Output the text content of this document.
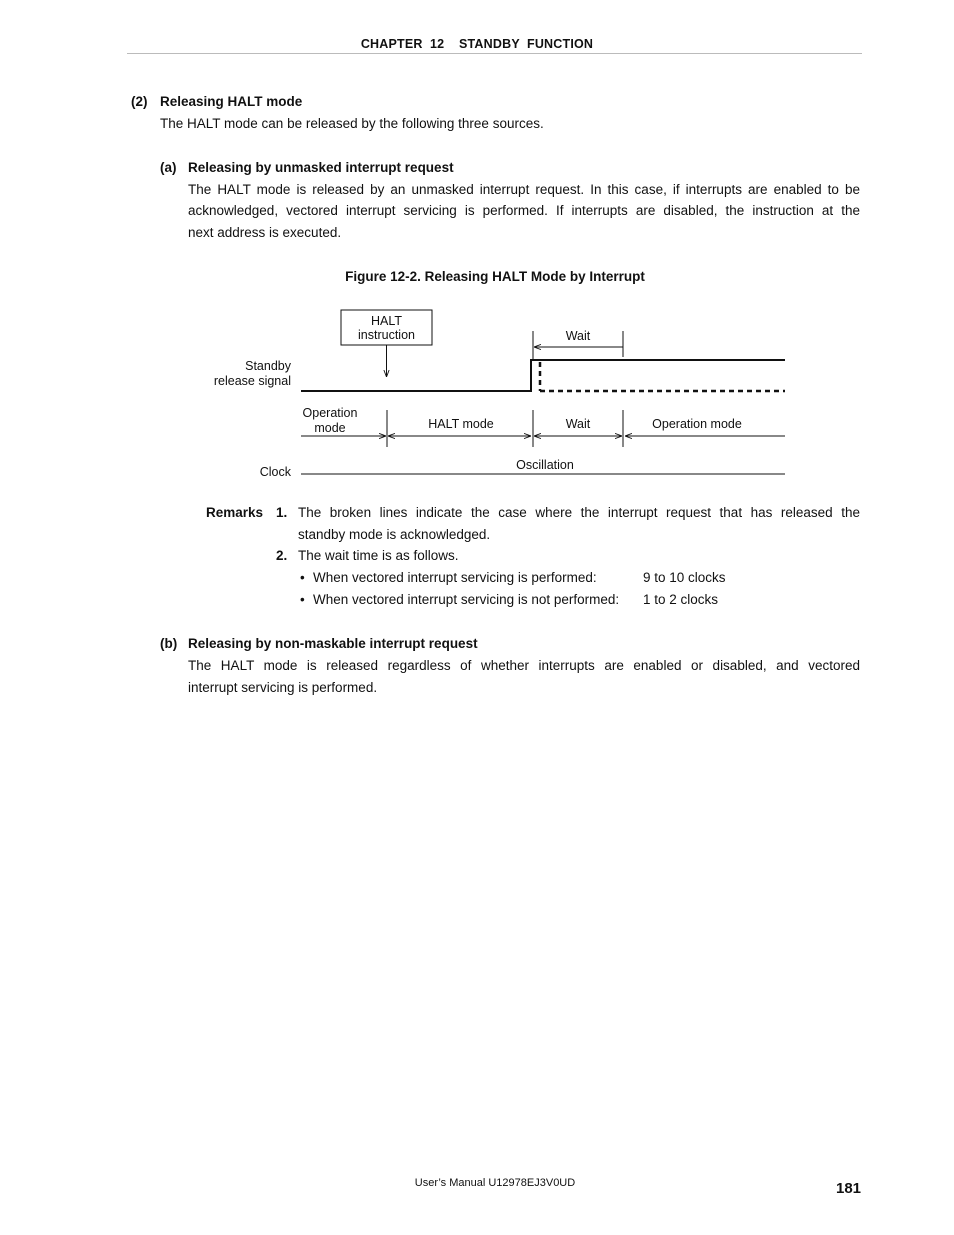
CHAPTER  12    STANDBY  FUNCTION
(2) Releasing HALT mode
The HALT mode can be released by the following three sources.
(a) Releasing by unmasked interrupt request
The HALT mode is released by an unmasked interrupt request. In this case, if interrupts are enabled to be
acknowledged, vectored interrupt servicing is performed. If interrupts are disabled, the instruction at the
next address is executed.
Figure 12-2. Releasing HALT Mode by Interrupt
HALT
instruction	Wait
Standby
release signal
Operation
mode	HALT mode	Wait	Operation mode
Clock	Oscillation
Remarks 1. The broken lines indicate the case where the interrupt request that has released the
standby mode is acknowledged.
2. The wait time is as follows.
• When vectored interrupt servicing is performed:	9 to 10 clocks
• When vectored interrupt servicing is not performed: 1 to 2 clocks
(b) Releasing by non-maskable interrupt request
The HALT mode is released regardless of whether interrupts are enabled or disabled, and vectored
interrupt servicing is performed.
User’s Manual U12978EJ3V0UD	181
